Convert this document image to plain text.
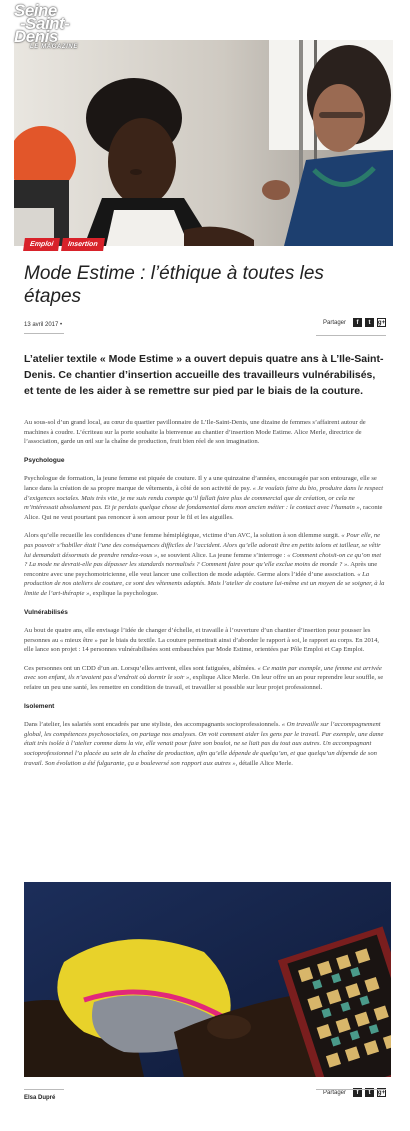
Seine
-Saint-
Denis
LE MAGAZINE
Emploi	Insertion
Mode Estime : l’éthique à toutes les étapes
13 avril 2017 •	Partager	f	t	g+

L’atelier textile « Mode Estime » a ouvert depuis quatre ans à L’Ile-Saint-Denis. Ce chantier d’insertion accueille des travailleurs vulnérabilisés, et tente de les aider à se remettre sur pied par le biais de la couture.

Au sous-sol d’un grand local, au cœur du quartier pavillonnaire de L’Ile-Saint-Denis, une dizaine de femmes s’affairent autour de machines à coudre. L’écriteau sur la porte souhaite la bienvenue au chantier d’insertion Mode Estime. Alice Merle, directrice de l’association, garde un œil sur la chaîne de production, fruit bien réel de son imagination.

Psychologue

Psychologue de formation, la jeune femme est piquée de couture. Il y a une quinzaine d’années, encouragée par son entourage, elle se lance dans la création de sa propre marque de vêtements, à côté de son activité de psy. « Je voulais faire du bio, produire dans le respect d’exigences sociales. Mais très vite, je me suis rendu compte qu’il fallait faire plus de commercial que de création, or cela ne m’intéressait absolument pas. Et je perdais quelque chose de fondamental dans mon ancien métier : le contact avec l’humain », raconte Alice. Qui ne veut pourtant pas renoncer à son amour pour le fil et les aiguilles.

Alors qu’elle recueille les confidences d’une femme hémiplégique, victime d’un AVC, la solution à son dilemme surgit. « Pour elle, ne pas pouvoir s’habiller était l’une des conséquences difficiles de l’accident. Alors qu’elle adorait être en petits talons et tailleur, se vêtir lui demandait désormais de prendre rendez-vous », se souvient Alice. La jeune femme s’interroge : « Comment choisit-on ce qu’on met ? La mode ne devrait-elle pas dépasser les standards normalisés ? Comment faire pour qu’elle exclue moins de monde ? ». Après une rencontre avec une psychomotricienne, elle veut lancer une collection de mode adaptée. Germe alors l’idée d’une association. « La production de nos ateliers de couture, ce sont des vêtements adaptés. Mais l’atelier de couture lui-même est un moyen de se soigner, à la limite de l’art-thérapie », explique la psychologue.

Vulnérabilisés

Au bout de quatre ans, elle envisage l’idée de changer d’échelle, et travaille à l’ouverture d’un chantier d’insertion pour pousser les personnes au « mieux être » par le biais du textile. La couture permettrait ainsi d’aborder le rapport à soi, le rapport au corps. En 2014, elle lance son projet : 14 personnes vulnérabilisées sont embauchées par Mode Estime, orientées par Pôle Emploi et Cap Emploi.

Ces personnes ont un CDD d’un an. Lorsqu’elles arrivent, elles sont fatiguées, abîmées. « Ce matin par exemple, une femme est arrivée avec son enfant, ils n’avaient pas d’endroit où dormir le soir », explique Alice Merle. On leur offre un an pour reprendre leur souffle, se refaire un peu une santé, les remettre en condition de travail, et travailler si possible sur leur projet professionnel.

Isolement

Dans l’atelier, les salariés sont encadrés par une styliste, des accompagnants socioprofessionnels. « On travaille sur l’accompagnement global, les compétences psychosociales, on partage nos analyses. On voit comment aider les gens par le travail. Par exemple, une dame était très isolée à l’atelier comme dans la vie, elle venait pour faire son boulot, ne se liait pas du tout aux autres. Un accompagnant socioprofessionnel l’a placée au sein de la chaîne de production, afin qu’elle dépende de quelqu’un, et que quelqu’un dépende de son travail. Son évolution a été fulgurante, ça a bouleversé son rapport aux autres », détaille Alice Merle.

Elsa Dupré
Partager	f	t	g+
